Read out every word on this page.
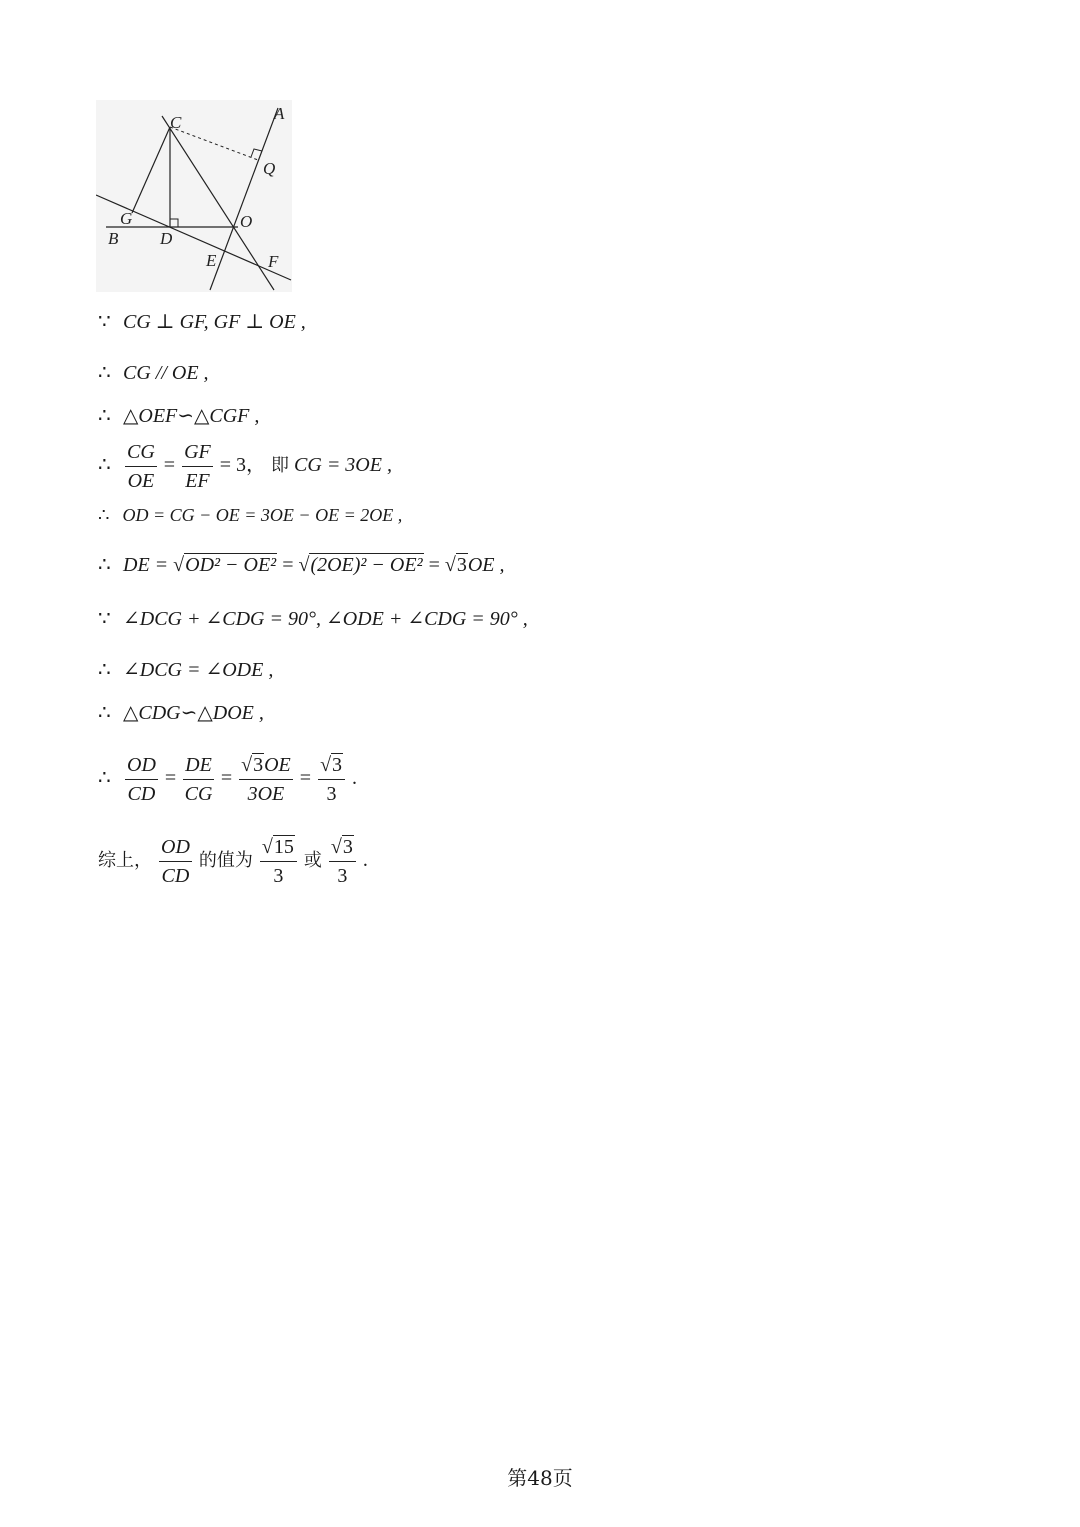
C	A
Q
G	O
B D
E	F
∵ CG ⊥ GF, GF ⊥ OE ,
∴ CG // OE ,
∴ △OEF∽△CGF ,
∴ $\frac{CG}{OE} = \frac{GF}{EF} = 3$， 即 CG = 3OE ,
∴ OD = CG − OE = 3OE − OE = 2OE ,
∴ DE = √OD² − OE² = √(2OE)² − OE² = √3OE ,
∵ ∠DCG + ∠CDG = 90°, ∠ODE + ∠CDG = 90° ,
∴ ∠DCG = ∠ODE ,
∴ △CDG∽△DOE ,
∴ $\frac{OD}{CD} = \frac{DE}{CG} = \frac{√3OE}{3OE} = \frac{√3}{3}$ .
综上， $\frac{OD}{CD}$ 的值为 $\frac{√15}{3}$ 或 $\frac{√3}{3}$ .
第48页
